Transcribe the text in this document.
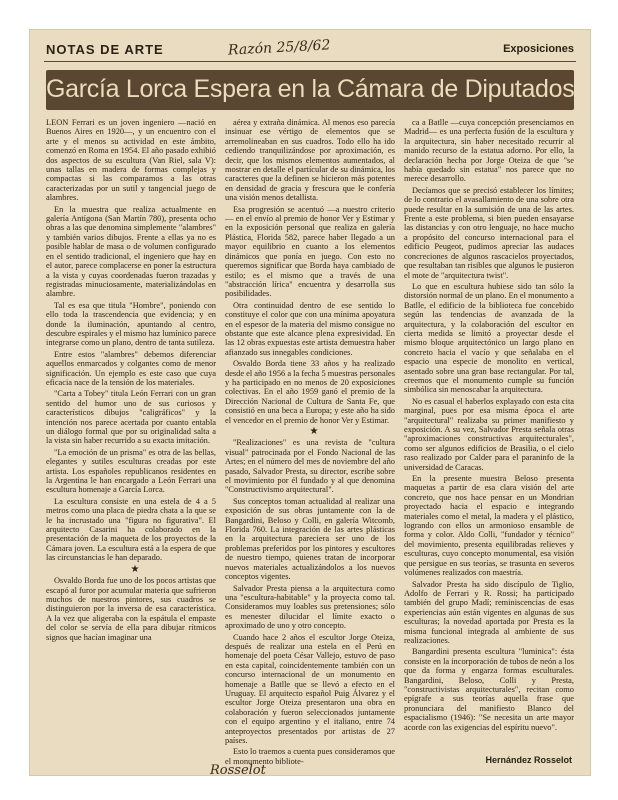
NOTAS DE ARTE	Razón 25/8/62	Exposiciones
García Lorca Espera en la Cámara de Diputados

LEON Ferrari es un joven ingeniero —nació en Buenos Aires en 1920—, y un encuentro con el arte y el menos su actividad en este ámbito, comenzó en Roma en 1954. El año pasado exhibió dos aspectos de su escultura (Van Riel, sala V): unas tallas en madera de formas complejas y compactas si las comparamos a las otras caracterizadas por un sutil y tangencial juego de alambres.

En la muestra que realiza actualmente en galería Antígona (San Martín 780), presenta ocho obras a las que denomina simplemente "alambres" y también varios dibujos. Frente a ellas ya no es posible hablar de masa o de volumen configurado en el sentido tradicional, el ingeniero que hay en el autor, parece complacerse en poner la estructura a la vista y cuyas coordenadas fueron trazadas y registradas minuciosamente, materializándolas en alambre.

Tal es esa que titula "Hombre", poniendo con ello toda la trascendencia que evidencia; y en donde la iluminación, apuntando al centro, descubre espirales y el mismo haz lumínico parece integrarse como un plano, dentro de tanta sutileza.

Entre estos "alambres" debemos diferenciar aquellos enmarcados y colgantes como de menor significación. Un ejemplo es este caso que cuya eficacia nace de la tensión de los materiales.

"Carta a Tobey" titula León Ferrari con un gran sentido del humor uno de sus curiosos y característicos dibujos "caligráficos" y la intención nos parece acertada por cuanto entabla un diálogo formal que por su originalidad salta a la vista sin haber recurrido a su exacta imitación.

"La emoción de un prisma" es otra de las bellas, elegantes y sutiles esculturas creadas por este artista. Los españoles republicanos residentes en la Argentina le han encargado a León Ferrari una escultura homenaje a García Lorca.

La escultura consiste en una estela de 4 a 5 metros como una placa de piedra chata a la que se le ha incrustado una "figura no figurativa". El arquitecto Casarini ha colaborado en la presentación de la maqueta de los proyectos de la Cámara joven. La escultura está a la espera de que las circunstancias le han deparado.

★

Osvaldo Borda fue uno de los pocos artistas que escapó al furor por acumular materia que sufrieron muchos de nuestros pintores, sus cuadros se distinguieron por la inversa de esa característica. A la vez que aligeraba con la espátula el empaste del color se servía de ella para dibujar rítmicos signos que hacían imaginar una

aérea y extraña dinámica. Al menos eso parecía insinuar ese vértigo de elementos que se arremolineaban en sus cuadros. Todo ello ha ido cediendo tranquilizándose por aproximación, es decir, que los mismos elementos aumentados, al mostrar en detalle el partícular de su dinámica, los caracteres que la definen se hicieron más potentes en densidad de gracia y frescura que le confería una visión menos detallista.

Esa progresión se acentuó —a nuestro criterio— en el envío al premio de honor Ver y Estimar y en la exposición personal que realiza en galería Plástica, Florida 582, parece haber llegado a un mayor equilibrio en cuanto a los elementos dinámicos que ponía en juego. Con esto no queremos significar que Borda haya cambiado de estilo; es el mismo que a través de una "abstracción lírica" encuentra y desarrolla sus posibilidades.

Otra continuidad dentro de ese sentido lo constituye el color que con una mínima apoyatura en el espesor de la materia del mismo consigue no obstante que este alcance plena expresividad. En las 12 obras expuestas este artista demuestra haber afianzado sus innegables condiciones.

Osvaldo Borda tiene 33 años y ha realizado desde el año 1956 a la fecha 5 muestras personales y ha participado en no menos de 20 exposiciones colectivas. En el año 1959 ganó el premio de la Dirección Nacional de Cultura de Santa Fe, que consistió en una beca a Europa; y este año ha sido el vencedor en el premio de honor Ver y Estimar.

★

"Realizaciones" es una revista de "cultura visual" patrocinada por el Fondo Nacional de las Artes; en el número del mes de noviembre del año pasado, Salvador Presta, su director, escribe sobre el movimiento por él fundado y al que denomina "Constructivismo arquitectural".

Sus conceptos toman actualidad al realizar una exposición de sus obras juntamente con la de Bangardini, Beloso y Colli, en galería Witcomb, Florida 760. La integración de las artes plásticas en la arquitectura pareciera ser uno de los problemas preferidos por los pintores y escultores de nuestro tiempo, quienes tratan de incorporar nuevos materiales actualizándolos a los nuevos conceptos vigentes.

Salvador Presta piensa a la arquitectura como una "escultura-habitable" y la proyecta como tal. Consideramos muy loables sus pretensiones; sólo es menester dilucidar el límite exacto o aproximado de uno y otro concepto.

Cuando hace 2 años el escultor Jorge Oteiza, después de realizar una estela en el Perú en homenaje del poeta César Vallejo, estuvo de paso en esta capital, coincidentemente también con un concurso internacional de un monumento en homenaje a Batlle que se llevó a efecto en el Uruguay. El arquitecto español Puig Álvarez y el escultor Jorge Oteiza presentaron una obra en colaboración y fueron seleccionados juntamente con el equipo argentino y el italiano, entre 74 anteproyectos presentados por artistas de 27 países.

Esto lo traemos a cuenta pues consideramos que el monumento bibliote-

ca a Batlle —cuya concepción presenciamos en Madrid— es una perfecta fusión de la escultura y la arquitectura, sin haber necesitado recurrir al manido recurso de la estatua adorno. Por ello, la declaración hecha por Jorge Oteiza de que "se había quedado sin estatua" nos parece que no merece desarrollo.

Decíamos que se precisó establecer los límites; de lo contrario el avasallamiento de una sobre otra puede resultar en la sumisión de una de las artes. Frente a este problema, si bien pueden ensayarse las distancias y con otro lenguaje, no hace mucho a propósito del concurso internacional para el edificio Peugeot, pudimos apreciar las audaces concreciones de algunos rascacielos proyectados, que resultaban tan risibles que algunos le pusieron el mote de "arquitectura twist".

Lo que en escultura hubiese sido tan sólo la distorsión normal de un plano. En el monumento a Batlle, el edificio de la biblioteca fue concebido según las tendencias de avanzada de la arquitectura, y la colaboración del escultor en cierta medida se limitó a proyectar desde el mismo bloque arquitectónico un largo plano en concreto hacia el vacío y que señalaba en el espacio una especie de monolito en vertical, asentado sobre una gran base rectangular. Por tal, creemos que el monumento cumple su función simbólica sin menoscabar la arquitectura.

No es casual el haberlos explayado con esta cita marginal, pues por esa misma época el arte "arquitectural" realizaba su primer manifiesto y exposición. A su vez, Salvador Presta señala otras "aproximaciones constructivas arquitecturales", como ser algunos edificios de Brasilia, o el cielo raso realizado por Calder para el paraninfo de la universidad de Caracas.

En la presente muestra Beloso presenta maquetas a partir de esa clara visión del arte concreto, que nos hace pensar en un Mondrian proyectado hacia el espacio e integrando materiales como el metal, la madera y el plástico, logrando con ellos un armonioso ensamble de forma y color. Aldo Colli, "fundador y técnico" del movimiento, presenta equilibradas relieves y esculturas, cuyo concepto monumental, esa visión que persigue en sus teorías, se trasunta en severos volúmenes realizados con maestría.

Salvador Presta ha sido discípulo de Tiglio, Adolfo de Ferrari y R. Rossi; ha participado también del grupo Madí; reminiscencias de esas experiencias aún están vigentes en algunas de sus esculturas; la novedad aportada por Presta es la misma funcional integrada al ambiente de sus realizaciones.

Bangardini presenta escultura "luminica": ésta consiste en la incorporación de tubos de neón a los que da forma y engarza formas esculturales. Bangardini, Beloso, Colli y Presta, "constructivistas arquitecturales", recitan como epígrafe a sus teorías aquella frase que pronunciara del manifiesto Blanco del espacialismo (1946): "Se necesita un arte mayor acorde con las exigencias del espíritu nuevo".

Hernández Rosselot
Rosselot
